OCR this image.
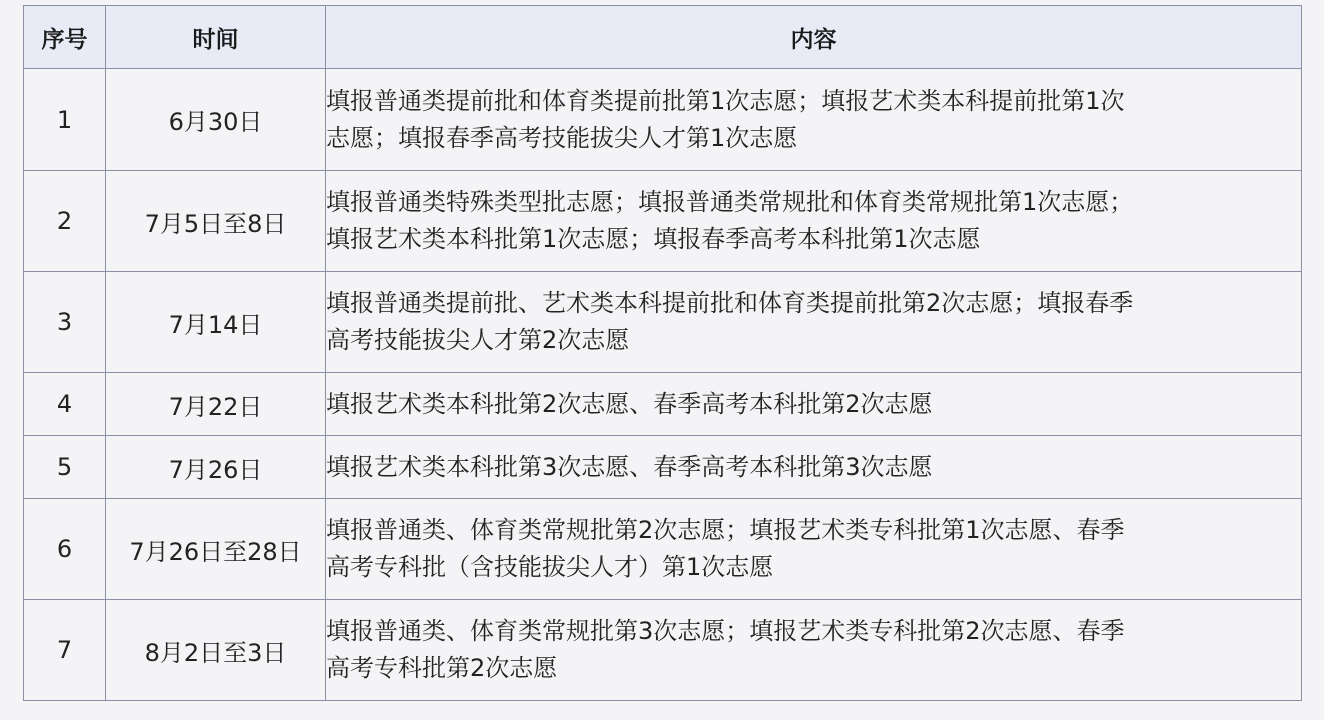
序号	时间	内容
1	6月30日	填报普通类提前批和体育类提前批第1次志愿；填报艺术类本科提前批第1次
志愿；填报春季高考技能拔尖人才第1次志愿

2	7月5日至8日	填报普通类特殊类型批志愿；填报普通类常规批和体育类常规批第1次志愿；
填报艺术类本科批第1次志愿；填报春季高考本科批第1次志愿

3	7月14日	填报普通类提前批、艺术类本科提前批和体育类提前批第2次志愿；填报春季
高考技能拔尖人才第2次志愿

4	7月22日	填报艺术类本科批第2次志愿、春季高考本科批第2次志愿

5	7月26日	填报艺术类本科批第3次志愿、春季高考本科批第3次志愿

6	7月26日至28日	填报普通类、体育类常规批第2次志愿；填报艺术类专科批第1次志愿、春季
高考专科批（含技能拔尖人才）第1次志愿

7	8月2日至3日	填报普通类、体育类常规批第3次志愿；填报艺术类专科批第2次志愿、春季
高考专科批第2次志愿
